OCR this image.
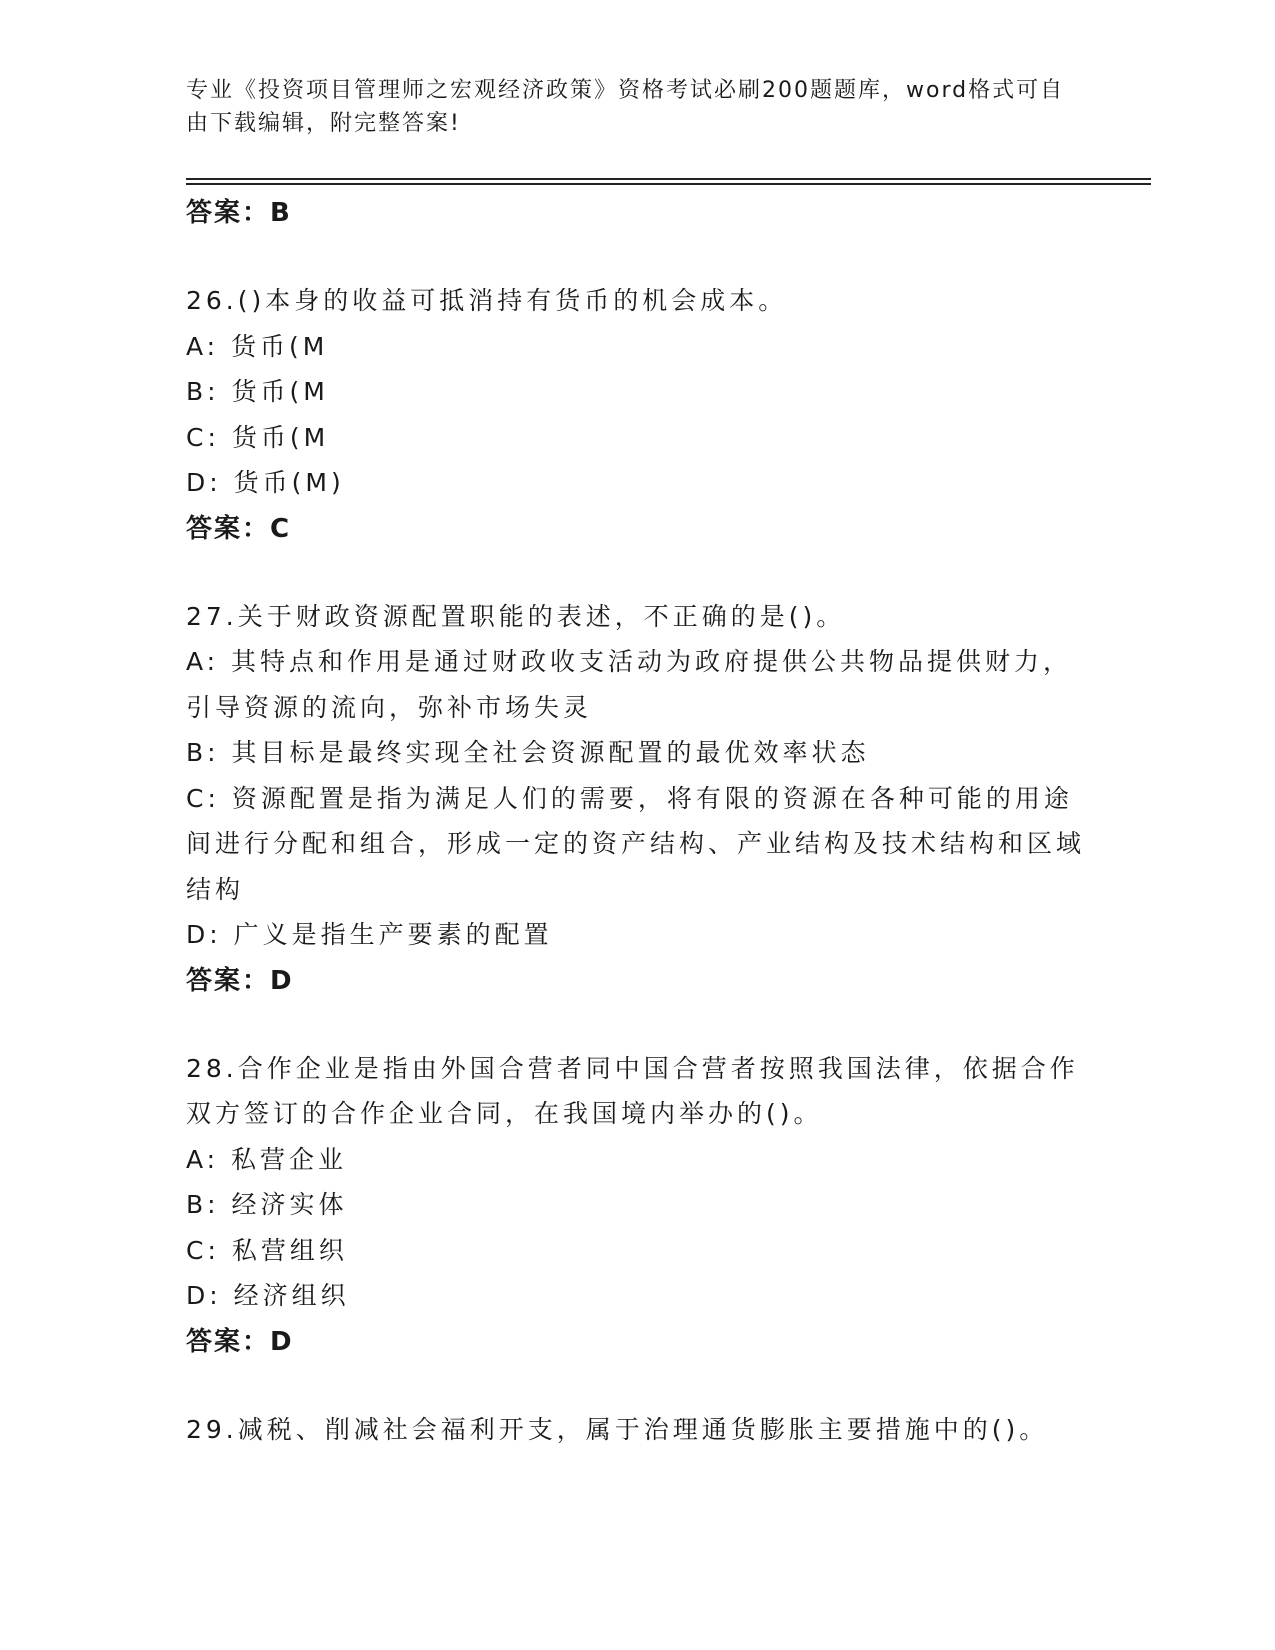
专业《投资项目管理师之宏观经济政策》资格考试必刷200题题库，word格式可自由下载编辑，附完整答案!

答案：B

26.()本身的收益可抵消持有货币的机会成本。

A: 货币(M

B: 货币(M

C: 货币(M

D: 货币(M)

答案：C

27.关于财政资源配置职能的表述，不正确的是()。

A: 其特点和作用是通过财政收支活动为政府提供公共物品提供财力，引导资源的流向，弥补市场失灵

B: 其目标是最终实现全社会资源配置的最优效率状态

C: 资源配置是指为满足人们的需要，将有限的资源在各种可能的用途间进行分配和组合，形成一定的资产结构、产业结构及技术结构和区域结构

D: 广义是指生产要素的配置

答案：D

28.合作企业是指由外国合营者同中国合营者按照我国法律，依据合作双方签订的合作企业合同，在我国境内举办的()。

A: 私营企业

B: 经济实体

C: 私营组织

D: 经济组织

答案：D

29.减税、削减社会福利开支，属于治理通货膨胀主要措施中的()。
